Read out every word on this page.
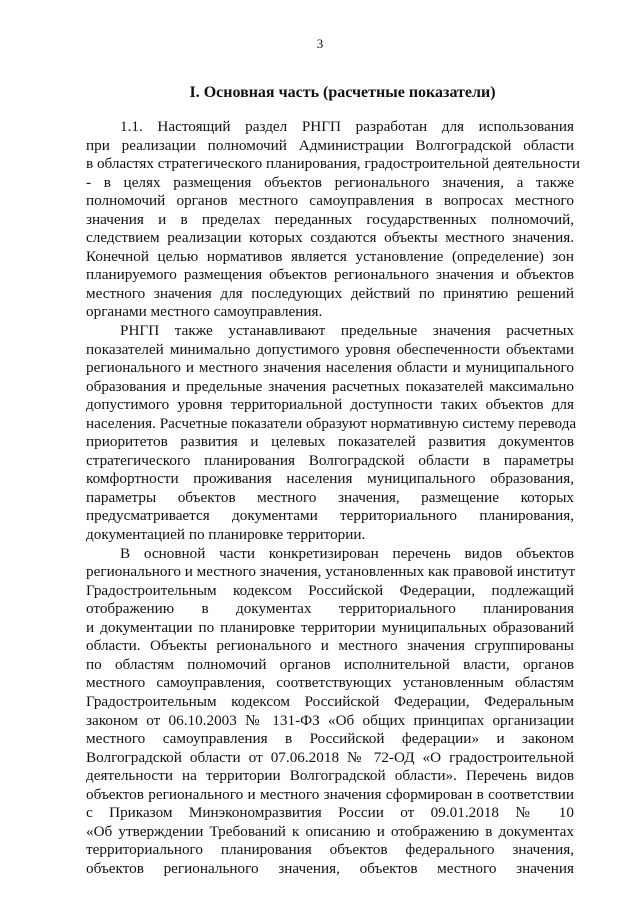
3
I. Основная часть (расчетные показатели)
1.1. Настоящий раздел РНГП разработан для использования
при реализации полномочий Администрации Волгоградской области
в областях стратегического планирования, градостроительной деятельности
- в целях размещения объектов регионального значения, а также
полномочий органов местного самоуправления в вопросах местного
значения и в пределах переданных государственных полномочий,
следствием реализации которых создаются объекты местного значения.
Конечной целью нормативов является установление (определение) зон
планируемого размещения объектов регионального значения и объектов
местного значения для последующих действий по принятию решений
органами местного самоуправления.
РНГП также устанавливают предельные значения расчетных
показателей минимально допустимого уровня обеспеченности объектами
регионального и местного значения населения области и муниципального
образования и предельные значения расчетных показателей максимально
допустимого уровня территориальной доступности таких объектов для
населения. Расчетные показатели образуют нормативную систему перевода
приоритетов развития и целевых показателей развития документов
стратегического планирования Волгоградской области в параметры
комфортности проживания населения муниципального образования,
параметры объектов местного значения, размещение которых
предусматривается документами территориального планирования,
документацией по планировке территории.
В основной части конкретизирован перечень видов объектов
регионального и местного значения, установленных как правовой институт
Градостроительным кодексом Российской Федерации, подлежащий
отображению в документах территориального планирования
и документации по планировке территории муниципальных образований
области. Объекты регионального и местного значения сгруппированы
по областям полномочий органов исполнительной власти, органов
местного самоуправления, соответствующих установленным областям
Градостроительным кодексом Российской Федерации, Федеральным
законом от 06.10.2003 № 131-ФЗ «Об общих принципах организации
местного самоуправления в Российской федерации» и законом
Волгоградской области от 07.06.2018 № 72-ОД «О градостроительной
деятельности на территории Волгоградской области». Перечень видов
объектов регионального и местного значения сформирован в соответствии
с Приказом Минэкономразвития России от 09.01.2018 № 10
«Об утверждении Требований к описанию и отображению в документах
территориального планирования объектов федерального значения,
объектов регионального значения, объектов местного значения
